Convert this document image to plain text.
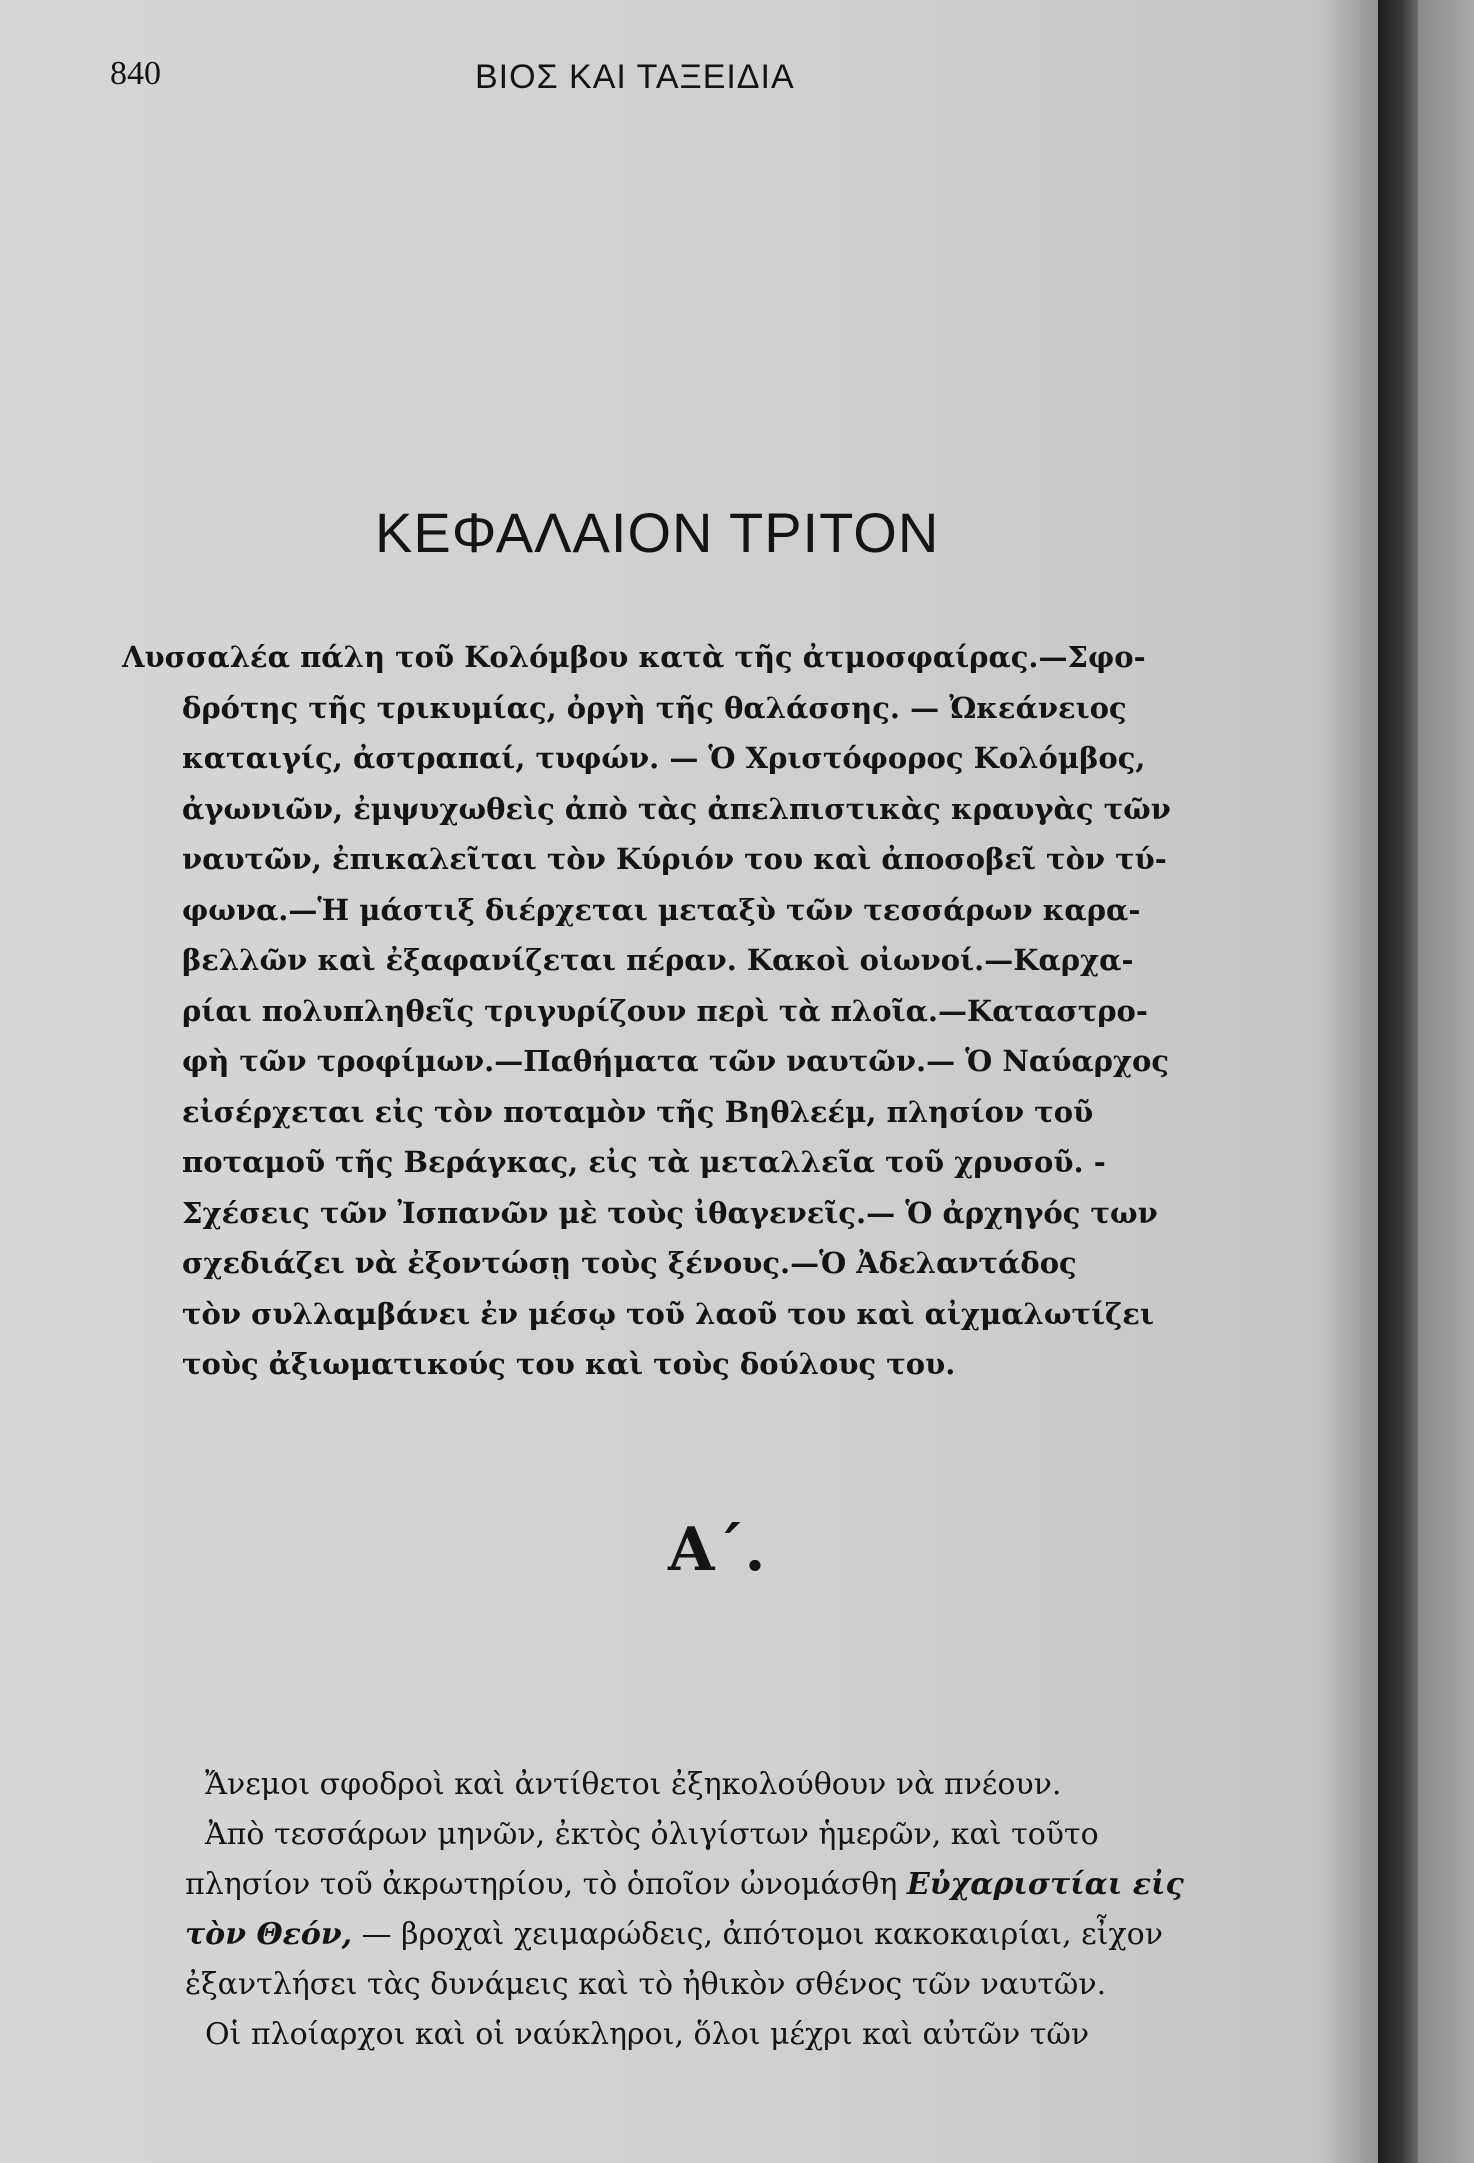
840	ΒΙΟΣ ΚΑΙ ΤΑΞΕΙΔΙΑ
ΚΕΦΑΛΑΙΟΝ ΤΡΙΤΟΝ
Λυσσαλέα πάλη τοῦ Κολόμβου κατὰ τῆς ἀτμοσφαίρας.—Σφο-
δρότης τῆς τρικυμίας, ὀργὴ τῆς θαλάσσης. — Ὠκεάνειος
καταιγίς, ἀστραπαί, τυφών. — Ὁ Χριστόφορος Κολόμβος,
ἀγωνιῶν, ἐμψυχωθεὶς ἀπὸ τὰς ἀπελπιστικὰς κραυγὰς τῶν
ναυτῶν, ἐπικαλεῖται τὸν Κύριόν του καὶ ἀποσοβεῖ τὸν τύ-
φωνα.—Ἡ μάστιξ διέρχεται μεταξὺ τῶν τεσσάρων καρα-
βελλῶν καὶ ἐξαφανίζεται πέραν. Κακοὶ οἰωνοί.—Καρχα-
ρίαι πολυπληθεῖς τριγυρίζουν περὶ τὰ πλοῖα.—Καταστρο-
φὴ τῶν τροφίμων.—Παθήματα τῶν ναυτῶν.— Ὁ Ναύαρχος
εἰσέρχεται εἰς τὸν ποταμὸν τῆς Βηθλεέμ, πλησίον τοῦ
ποταμοῦ τῆς Βεράγκας, εἰς τὰ μεταλλεῖα τοῦ χρυσοῦ. -
Σχέσεις τῶν Ἰσπανῶν μὲ τοὺς ἰθαγενεῖς.— Ὁ ἀρχηγός των
σχεδιάζει νὰ ἐξοντώσῃ τοὺς ξένους.—Ὁ Ἀδελαντάδος
τὸν συλλαμβάνει ἐν μέσῳ τοῦ λαοῦ του καὶ αἰχμαλωτίζει
τοὺς ἀξιωματικούς του καὶ τοὺς δούλους του.
Α΄.
Ἄνεμοι σφοδροὶ καὶ ἀντίθετοι ἐξηκολούθουν νὰ πνέουν.
Ἀπὸ τεσσάρων μηνῶν, ἐκτὸς ὀλιγίστων ἡμερῶν, καὶ τοῦτο
πλησίον τοῦ ἀκρωτηρίου, τὸ ὁποῖον ὠνομάσθη Εὐχαριστίαι εἰς
τὸν Θεόν, — βροχαὶ χειμαρώδεις, ἀπότομοι κακοκαιρίαι, εἶχον
ἐξαντλήσει τὰς δυνάμεις καὶ τὸ ἠθικὸν σθένος τῶν ναυτῶν.
Οἱ πλοίαρχοι καὶ οἱ ναύκληροι, ὅλοι μέχρι καὶ αὐτῶν τῶν
